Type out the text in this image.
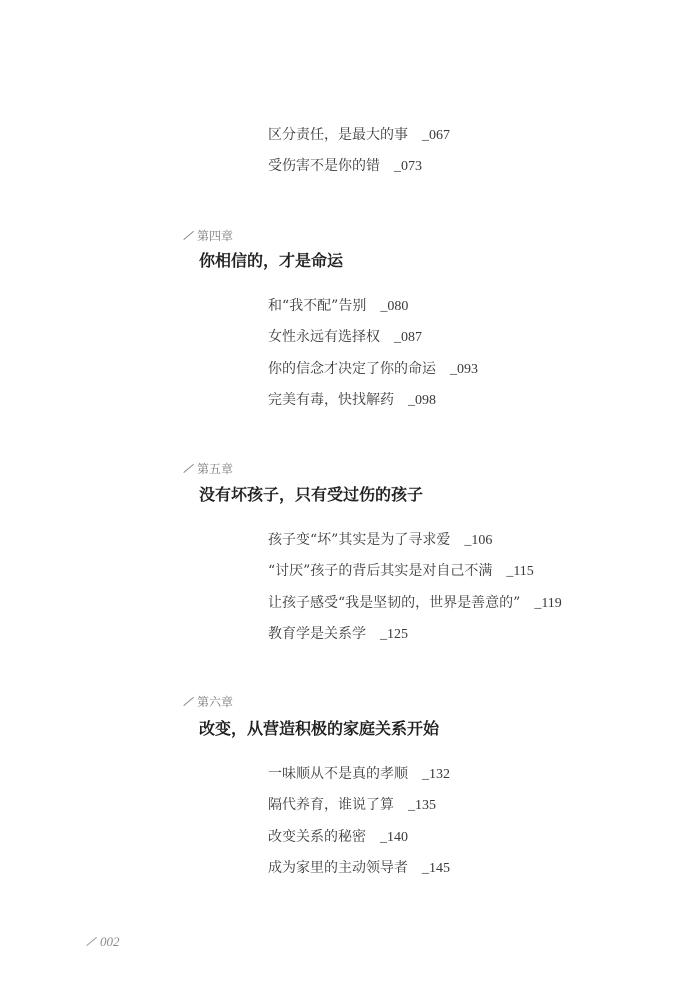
区分责任，是最大的事 _067
受伤害不是你的错 _073
第四章
你相信的，才是命运
和“我不配”告别 _080
女性永远有选择权 _087
你的信念才决定了你的命运 _093
完美有毒，快找解药 _098
第五章
没有坏孩子，只有受过伤的孩子
孩子变“坏”其实是为了寻求爱 _106
“讨厌”孩子的背后其实是对自己不满 _115
让孩子感受“我是坚韧的，世界是善意的” _119
教育学是关系学 _125
第六章
改变，从营造积极的家庭关系开始
一味顺从不是真的孝顺 _132
隔代养育，谁说了算 _135
改变关系的秘密 _140
成为家里的主动领导者 _145
002
